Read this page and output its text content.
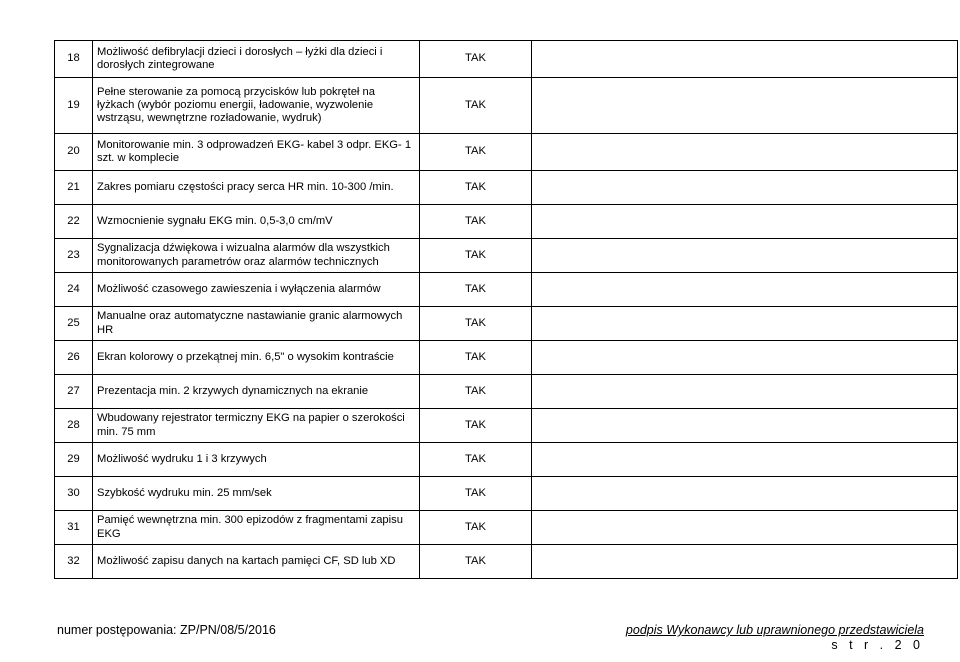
18	Możliwość defibrylacji dzieci i dorosłych – łyżki dla dzieci i dorosłych zintegrowane	TAK	
19	Pełne sterowanie za pomocą przycisków lub pokręteł na łyżkach (wybór poziomu energii, ładowanie, wyzwolenie wstrząsu, wewnętrzne rozładowanie, wydruk)	TAK	
20	Monitorowanie min. 3 odprowadzeń EKG- kabel 3 odpr. EKG- 1 szt. w komplecie	TAK	
21	Zakres pomiaru częstości pracy serca HR min. 10-300 /min.	TAK	
22	Wzmocnienie sygnału EKG min. 0,5-3,0 cm/mV	TAK	
23	Sygnalizacja dźwiękowa i wizualna alarmów dla wszystkich monitorowanych parametrów oraz alarmów technicznych	TAK	
24	Możliwość czasowego zawieszenia i wyłączenia alarmów	TAK	
25	Manualne oraz automatyczne nastawianie granic alarmowych HR	TAK	
26	Ekran kolorowy o przekątnej min. 6,5" o wysokim kontraście	TAK	
27	Prezentacja min. 2 krzywych dynamicznych na ekranie	TAK	
28	Wbudowany rejestrator termiczny EKG na papier o szerokości min. 75 mm	TAK	
29	Możliwość wydruku 1 i 3 krzywych	TAK	
30	Szybkość wydruku min. 25 mm/sek	TAK	
31	Pamięć wewnętrzna min. 300 epizodów z fragmentami zapisu EKG	TAK	
32	Możliwość zapisu danych na kartach pamięci CF, SD lub XD	TAK	
numer postępowania: ZP/PN/08/5/2016	podpis Wykonawcy lub uprawnionego przedstawiciela
s t r . 2 0
